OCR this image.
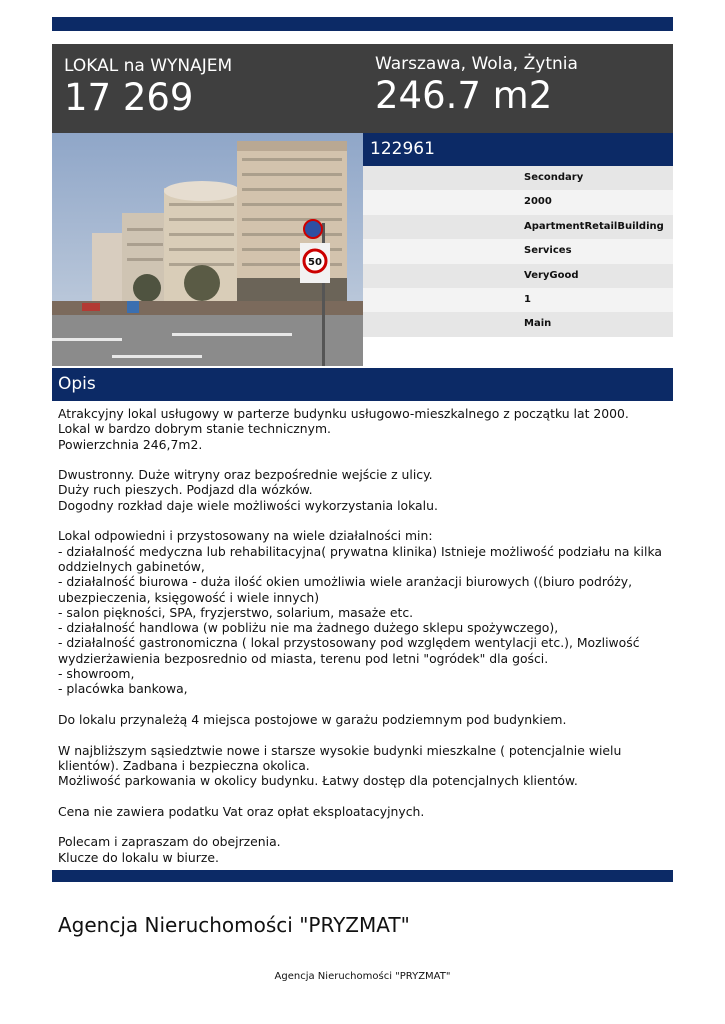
LOKAL na WYNAJEM
17 269
Warszawa, Wola, Żytnia
246.7 m2
50
122961
Secondary
2000
ApartmentRetailBuilding
Services
VeryGood
1
Main
Opis
Atrakcyjny lokal usługowy w parterze budynku usługowo-mieszkalnego z początku lat 2000.
Lokal w bardzo dobrym stanie technicznym.
Powierzchnia 246,7m2.

Dwustronny. Duże witryny oraz bezpośrednie wejście z ulicy.
Duży ruch pieszych. Podjazd dla wózków.
Dogodny rozkład daje wiele możliwości wykorzystania lokalu.

Lokal odpowiedni i przystosowany na wiele działalności min:
- działalność medyczna lub rehabilitacyjna( prywatna klinika) Istnieje możliwość podziału na kilka oddzielnych gabinetów,
- działalność biurowa - duża ilość okien umożliwia wiele aranżacji biurowych ((biuro podróży, ubezpieczenia, księgowość i wiele innych)
- salon piękności, SPA, fryzjerstwo, solarium, masaże etc.
- działalność handlowa (w pobliżu nie ma żadnego dużego sklepu spożywczego),
- działalność gastronomiczna ( lokal przystosowany pod względem wentylacji etc.), Mozliwość wydzierżawienia bezposrednio od miasta, terenu pod letni "ogródek" dla gości.
- showroom,
- placówka bankowa,

Do lokalu przynależą 4 miejsca postojowe w garażu podziemnym pod budynkiem.

W najbliższym sąsiedztwie nowe i starsze wysokie budynki mieszkalne ( potencjalnie wielu klientów). Zadbana i bezpieczna okolica.
Możliwość parkowania w okolicy budynku. Łatwy dostęp dla potencjalnych klientów.

Cena nie zawiera podatku Vat oraz opłat eksploatacyjnych.

Polecam i zapraszam do obejrzenia.
Klucze do lokalu w biurze.
Agencja Nieruchomości "PRYZMAT"
Agencja Nieruchomości "PRYZMAT"
